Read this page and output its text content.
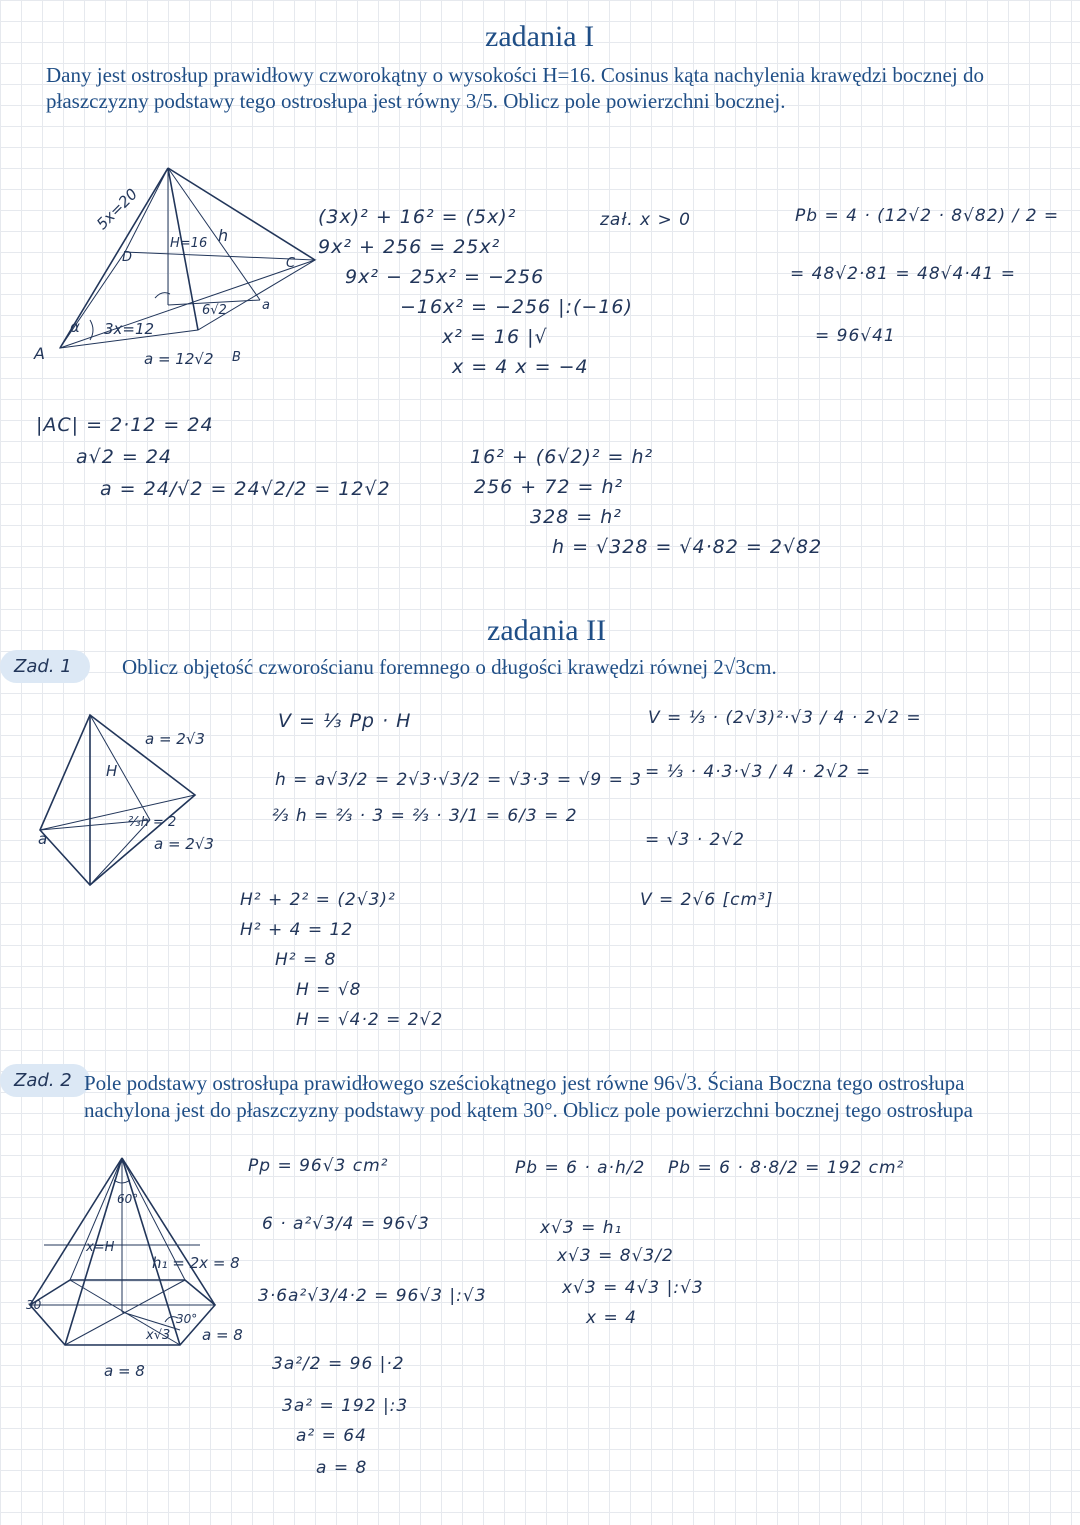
zadania I
Dany jest ostrosłup prawidłowy czworokątny o wysokości H=16. Cosinus kąta nachylenia krawędzi bocznej do
płaszczyzny podstawy tego ostrosłupa jest równy 3/5. Oblicz pole powierzchni bocznej.
5x=20
D
H=16 h
C
α 3x=12
6√2	a
A	a = 12√2 B
(3x)² + 16² = (5x)²
9x² + 256 = 25x²
9x² − 25x² = −256
−16x² = −256 |:(−16)
x² = 16 |√
x = 4 x = −4
zał. x > 0	Pb = 4 · (12√2 · 8√82) / 2 =
= 48√2·81 = 48√4·41 =
= 96√41
|AC| = 2·12 = 24
a√2 = 24
a = 24/√2 = 24√2/2 = 12√2
16² + (6√2)² = h²
256 + 72 = h²
328 = h²
h = √328 = √4·82 = 2√82
zadania II
Zad. 1	Oblicz objętość czworościanu foremnego o długości krawędzi równej 2√3cm.
a = 2√3
H
a
⅔h = 2
a = 2√3
V = ⅓ Pp · H
h = a√3/2 = 2√3·√3/2 = √3·3 = √9 = 3
⅔ h = ⅔ · 3 = ⅔ · 3/1 = 6/3 = 2
H² + 2² = (2√3)²
H² + 4 = 12
H² = 8
H = √8
H = √4·2 = 2√2
V = ⅓ · (2√3)²·√3 / 4 · 2√2 =
= ⅓ · 4·3·√3 / 4 · 2√2 =
= √3 · 2√2
V = 2√6 [cm³]
Zad. 2 Pole podstawy ostrosłupa prawidłowego sześciokątnego jest równe 96√3. Ściana Boczna tego ostrosłupa
nachylona jest do płaszczyzny podstawy pod kątem 30°. Oblicz pole powierzchni bocznej tego ostrosłupa
60°
x=H
h₁ = 2x = 8
30
30°
x√3 a = 8
a = 8
Pp = 96√3 cm²
6 · a²√3/4 = 96√3
3·6a²√3/4·2 = 96√3 |:√3
3a²/2 = 96 |·2
3a² = 192 |:3
a² = 64
a = 8
Pb = 6 · a·h/2 Pb = 6 · 8·8/2 = 192 cm²
x√3 = h₁
x√3 = 8√3/2
x√3 = 4√3 |:√3
x = 4
